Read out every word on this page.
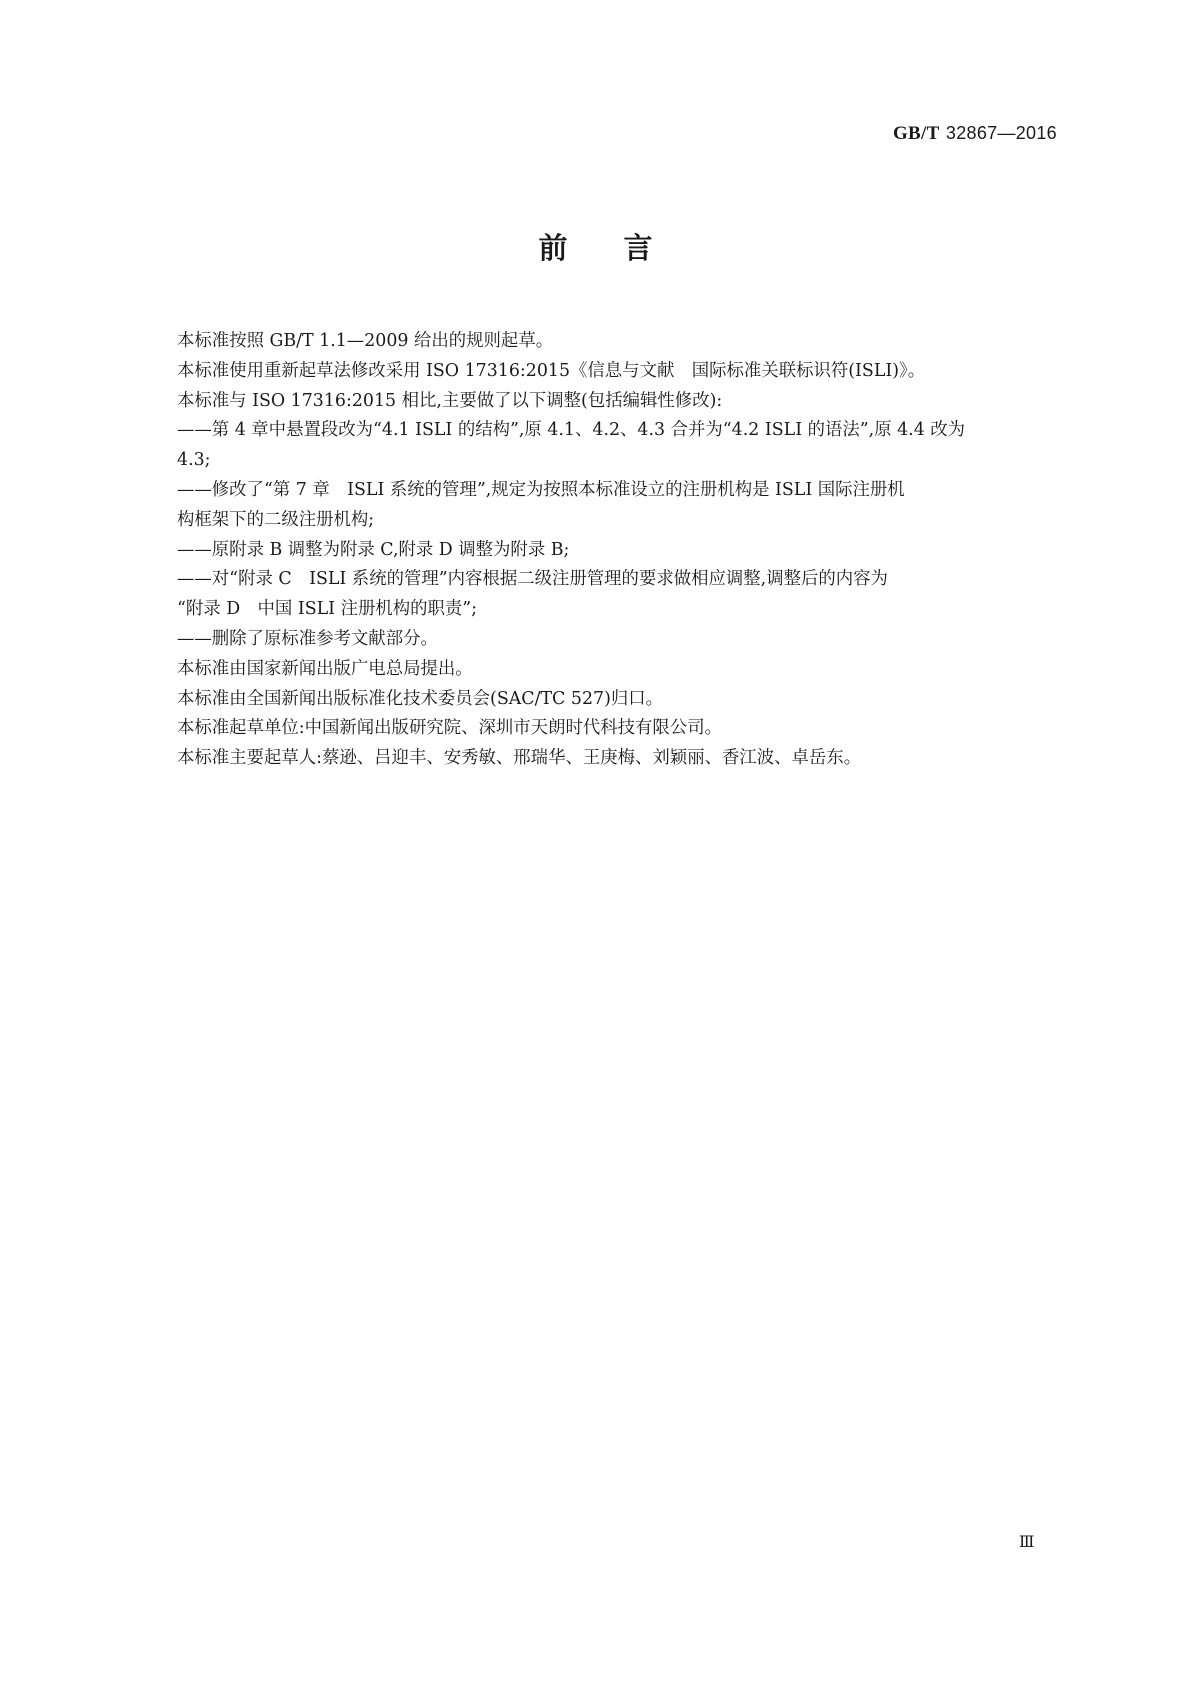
GB/T 32867—2016
前言

本标准按照 GB/T 1.1—2009 给出的规则起草。

本标准使用重新起草法修改采用 ISO 17316:2015《信息与文献　国际标准关联标识符(ISLI)》。

本标准与 ISO 17316:2015 相比,主要做了以下调整(包括编辑性修改):

——第 4 章中悬置段改为“4.1 ISLI 的结构”,原 4.1、4.2、4.3 合并为“4.2 ISLI 的语法”,原 4.4 改为
4.3;
——修改了“第 7 章　ISLI 系统的管理”,规定为按照本标准设立的注册机构是 ISLI 国际注册机
构框架下的二级注册机构;
——原附录 B 调整为附录 C,附录 D 调整为附录 B;
——对“附录 C　ISLI 系统的管理”内容根据二级注册管理的要求做相应调整,调整后的内容为
“附录 D　中国 ISLI 注册机构的职责”;
——删除了原标准参考文献部分。

本标准由国家新闻出版广电总局提出。

本标准由全国新闻出版标准化技术委员会(SAC/TC 527)归口。

本标准起草单位:中国新闻出版研究院、深圳市天朗时代科技有限公司。

本标准主要起草人:蔡逊、吕迎丰、安秀敏、邢瑞华、王庚梅、刘颖丽、香江波、卓岳东。

Ⅲ
